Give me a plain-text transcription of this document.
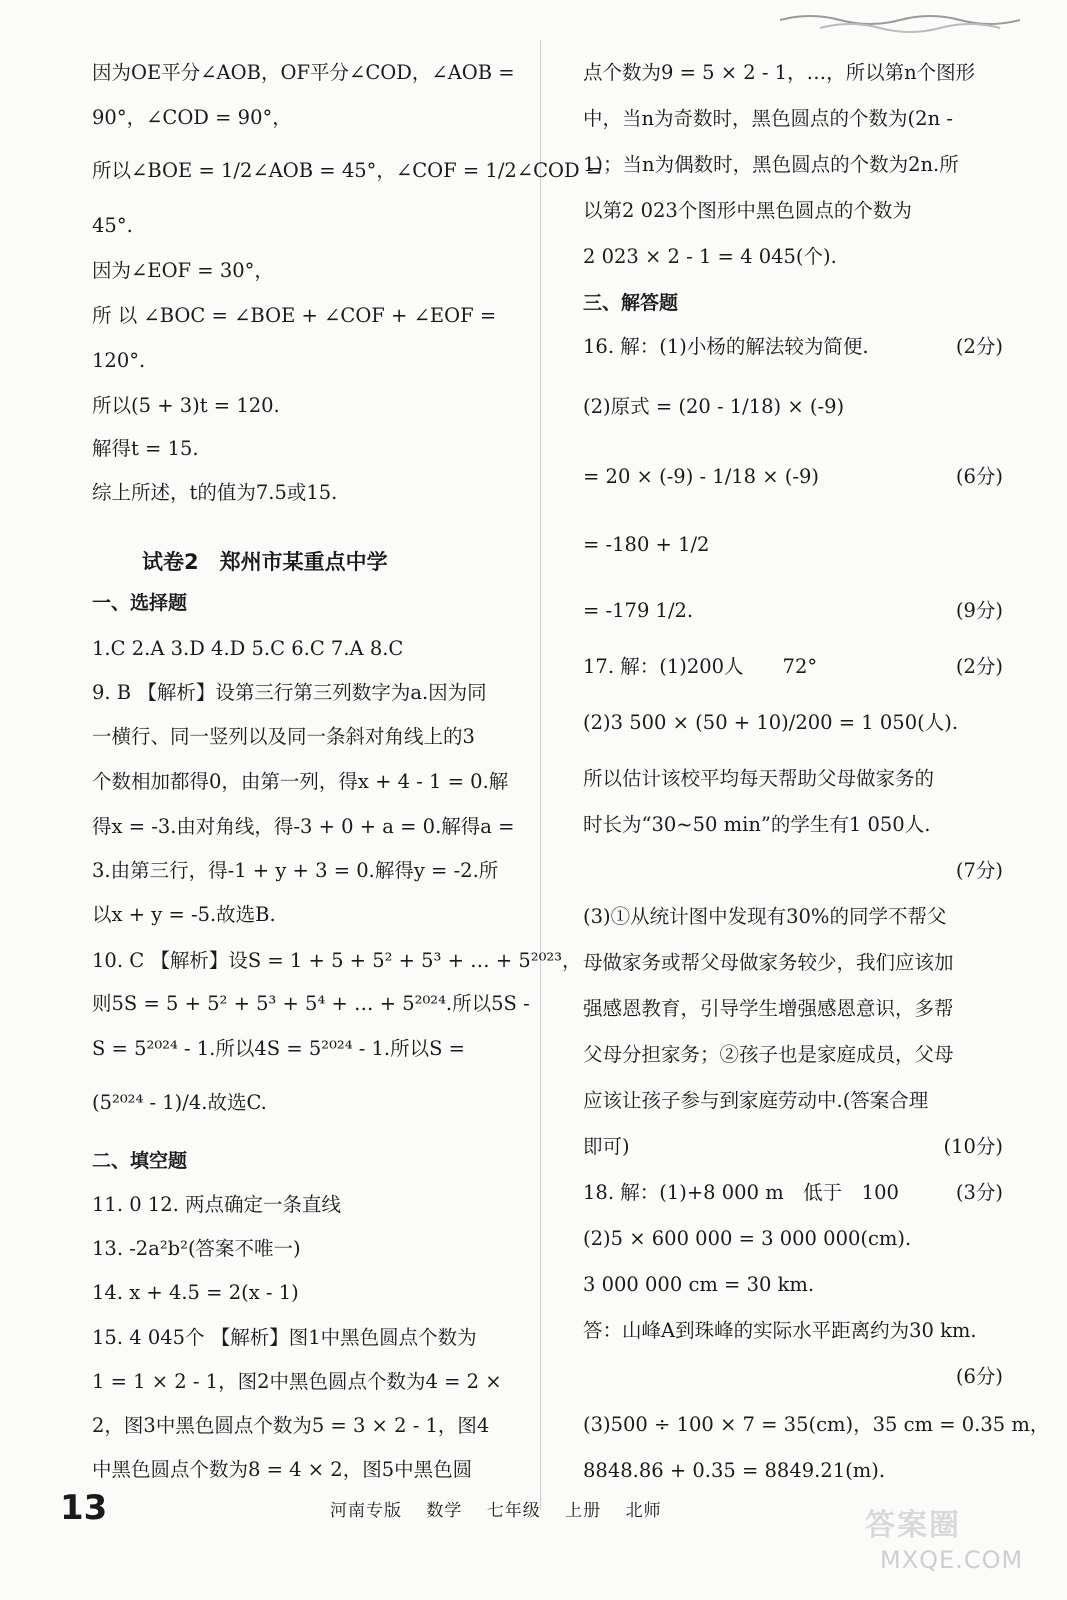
因为OE平分∠AOB，OF平分∠COD，∠AOB =
90°，∠COD = 90°，
所以∠BOE = 1/2∠AOB = 45°，∠COF = 1/2∠COD =
45°.
因为∠EOF = 30°，
所 以 ∠BOC = ∠BOE + ∠COF + ∠EOF =
120°.
所以(5 + 3)t = 120.
解得t = 15.
综上所述，t的值为7.5或15.
一、选择题
1.C 2.A 3.D 4.D 5.C 6.C 7.A 8.C
9. B 【解析】设第三行第三列数字为a.因为同
一横行、同一竖列以及同一条斜对角线上的3
个数相加都得0，由第一列，得x + 4 - 1 = 0.解
得x = -3.由对角线，得-3 + 0 + a = 0.解得a =
3.由第三行，得-1 + y + 3 = 0.解得y = -2.所
以x + y = -5.故选B.
10. C 【解析】设S = 1 + 5 + 5² + 5³ + … + 5²⁰²³，
则5S = 5 + 5² + 5³ + 5⁴ + … + 5²⁰²⁴.所以5S -
S = 5²⁰²⁴ - 1.所以4S = 5²⁰²⁴ - 1.所以S =
(5²⁰²⁴ - 1)/4.故选C.
二、填空题
11. 0 12. 两点确定一条直线
13. -2a²b²(答案不唯一)
14. x + 4.5 = 2(x - 1)
15. 4 045个 【解析】图1中黑色圆点个数为
1 = 1 × 2 - 1，图2中黑色圆点个数为4 = 2 ×
2，图3中黑色圆点个数为5 = 3 × 2 - 1，图4
中黑色圆点个数为8 = 4 × 2，图5中黑色圆
试卷2　郑州市某重点中学
点个数为9 = 5 × 2 - 1，…，所以第n个图形
中，当n为奇数时，黑色圆点的个数为(2n -
1)；当n为偶数时，黑色圆点的个数为2n.所
以第2 023个图形中黑色圆点的个数为
2 023 × 2 - 1 = 4 045(个).
三、解答题
16. 解：(1)小杨的解法较为简便.	(2分)
(2)原式 = (20 - 1/18) × (-9)
= 20 × (-9) - 1/18 × (-9)	(6分)
= -180 + 1/2
= -179 1/2.	(9分)
17. 解：(1)200人　　72°	(2分)
(2)3 500 × (50 + 10)/200 = 1 050(人).
所以估计该校平均每天帮助父母做家务的
时长为“30~50 min”的学生有1 050人.
(7分)
(3)①从统计图中发现有30%的同学不帮父
母做家务或帮父母做家务较少，我们应该加
强感恩教育，引导学生增强感恩意识，多帮
父母分担家务；②孩子也是家庭成员，父母
应该让孩子参与到家庭劳动中.(答案合理
即可)	(10分)
18. 解：(1)+8 000 m　低于　100	(3分)
(2)5 × 600 000 = 3 000 000(cm).
3 000 000 cm = 30 km.
答：山峰A到珠峰的实际水平距离约为30 km.
(6分)
(3)500 ÷ 100 × 7 = 35(cm)，35 cm = 0.35 m，
8848.86 + 0.35 = 8849.21(m).
13	河南专版 数学 七年级 上册 北师	答案圈
MXQE.COM
